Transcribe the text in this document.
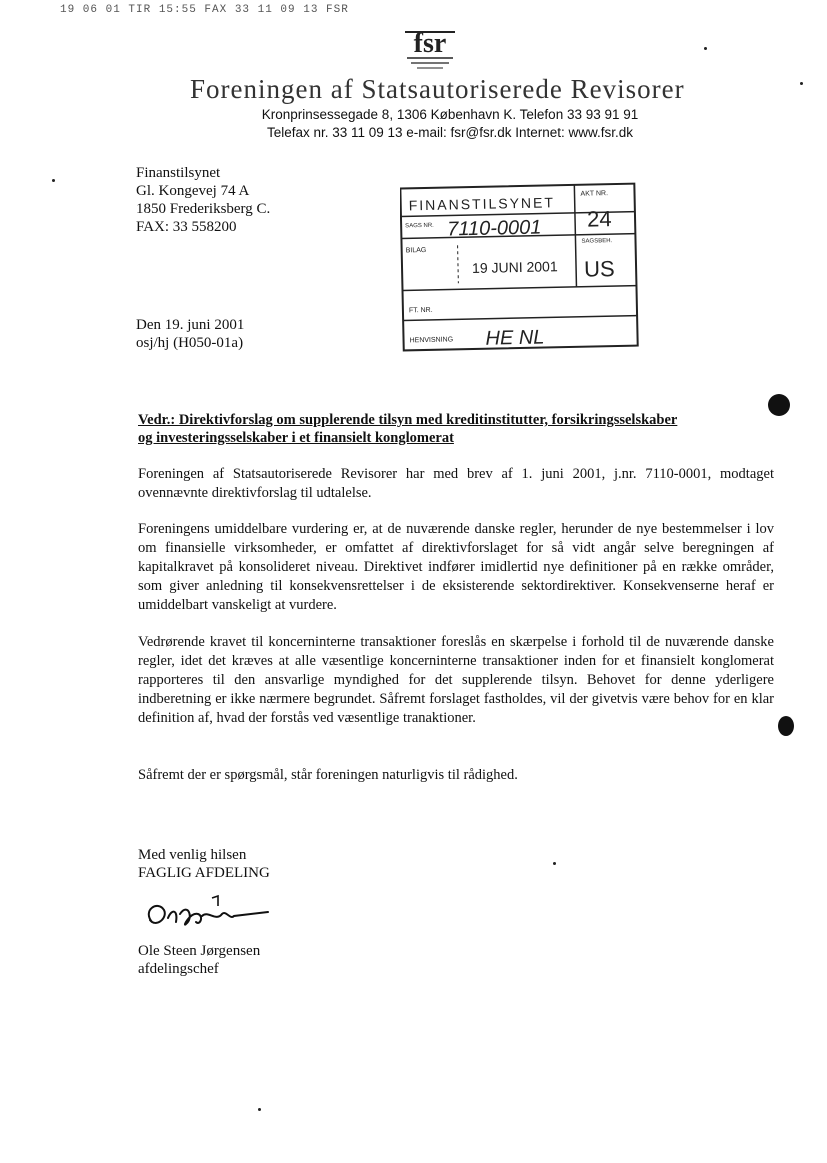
19 06 01 TIR 15:55 FAX 33 11 09 13 FSR
fsr
Foreningen af Statsautoriserede Revisorer
Kronprinsessegade 8, 1306 København K. Telefon 33 93 91 91
Telefax nr. 33 11 09 13 e-mail: fsr@fsr.dk Internet: www.fsr.dk
Finanstilsynet
Gl. Kongevej 74 A
1850 Frederiksberg C.
FAX: 33 558200
Den 19. juni 2001
osj/hj (H050-01a)
FINANSTILSYNET
AKT NR.
24
SAGS NR. 7110-0001
BILAG
19 JUNI 2001
SAGSBEH.
US
FT. NR.
HENVISNING HE NL
Vedr.: Direktivforslag om supplerende tilsyn med kreditinstitutter, forsikringsselskaber
og investeringsselskaber i et finansielt konglomerat
Foreningen af Statsautoriserede Revisorer har med brev af 1. juni 2001, j.nr. 7110-0001, modtaget ovennævnte direktivforslag til udtalelse.
Foreningens umiddelbare vurdering er, at de nuværende danske regler, herunder de nye bestemmelser i lov om finansielle virksomheder, er omfattet af direktivforslaget for så vidt angår selve beregningen af kapitalkravet på konsolideret niveau. Direktivet indfører imidlertid nye definitioner på en række områder, som giver anledning til konsekvensrettelser i de eksisterende sektordirektiver. Konsekvenserne heraf er umiddelbart vanskeligt at vurdere.
Vedrørende kravet til koncerninterne transaktioner foreslås en skærpelse i forhold til de nuværende danske regler, idet det kræves at alle væsentlige koncerninterne transaktioner inden for et finansielt konglomerat rapporteres til den ansvarlige myndighed for det supplerende tilsyn. Behovet for denne yderligere indberetning er ikke nærmere begrundet. Såfremt forslaget fastholdes, vil der givetvis være behov for en klar definition af, hvad der forstås ved væsentlige tranaktioner.
Såfremt der er spørgsmål, står foreningen naturligvis til rådighed.
Med venlig hilsen
FAGLIG AFDELING
Ole Steen Jørgensen
afdelingschef
